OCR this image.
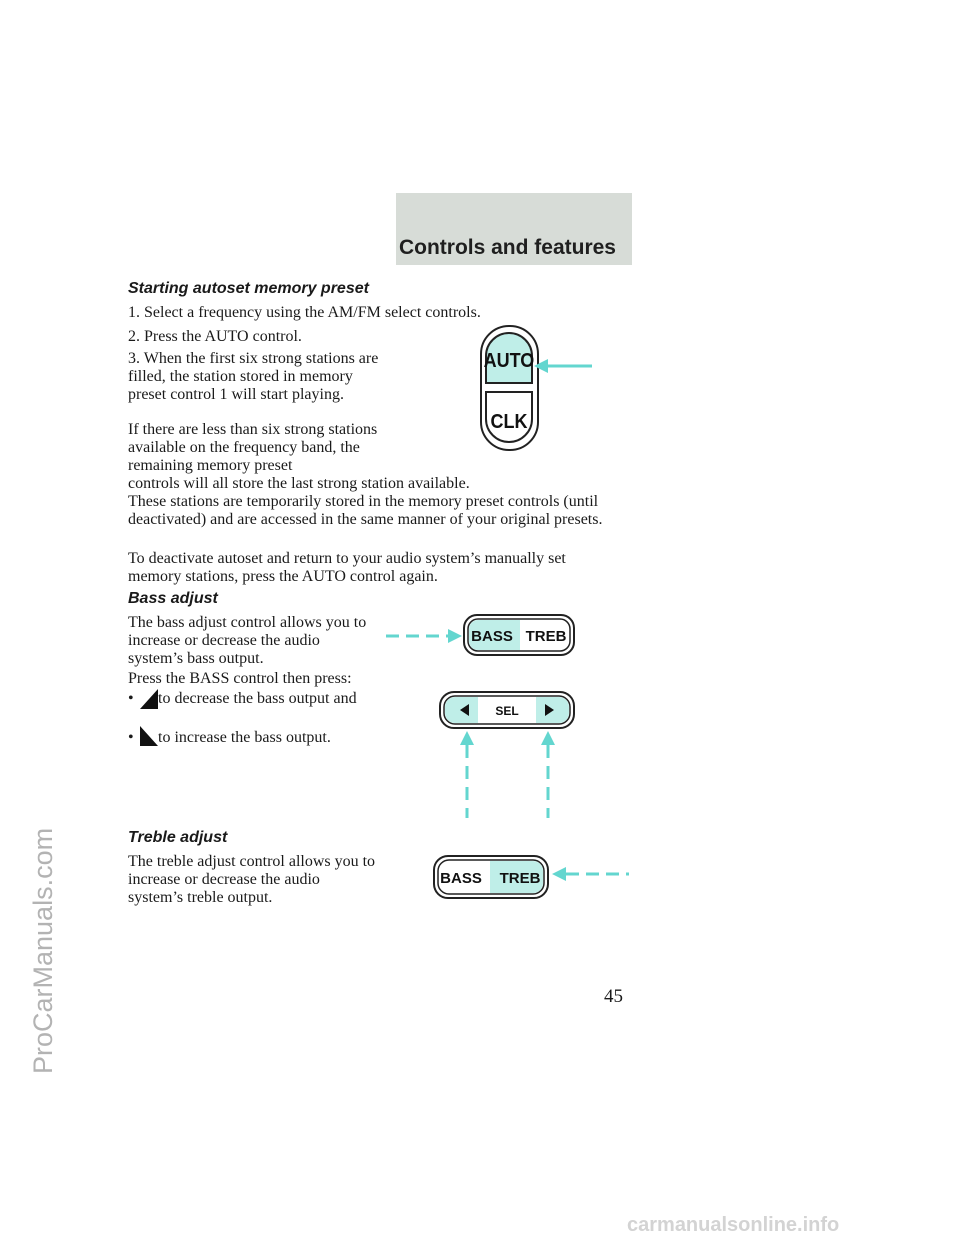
Controls and features
ProCarManuals.com
carmanualsonline.info
45
Starting autoset memory preset
1. Select a frequency using the AM/FM select controls.
2. Press the AUTO control.
3. When the first six strong stations are filled, the station stored in memory preset control 1 will start playing.
If there are less than six strong stations available on the frequency band, the remaining memory preset
controls will all store the last strong station available.
These stations are temporarily stored in the memory preset controls (until deactivated) and are accessed in the same manner of your original presets.
To deactivate autoset and return to your audio system’s manually set memory stations, press the AUTO control again.
Bass adjust
The bass adjust control allows you to increase or decrease the audio system’s bass output.
Press the BASS control then press:
• to decrease the bass output and
• to increase the bass output.
Treble adjust
The treble adjust control allows you to increase or decrease the audio system’s treble output.
AUTO
CLK
BASS TREB
SEL
BASS TREB
